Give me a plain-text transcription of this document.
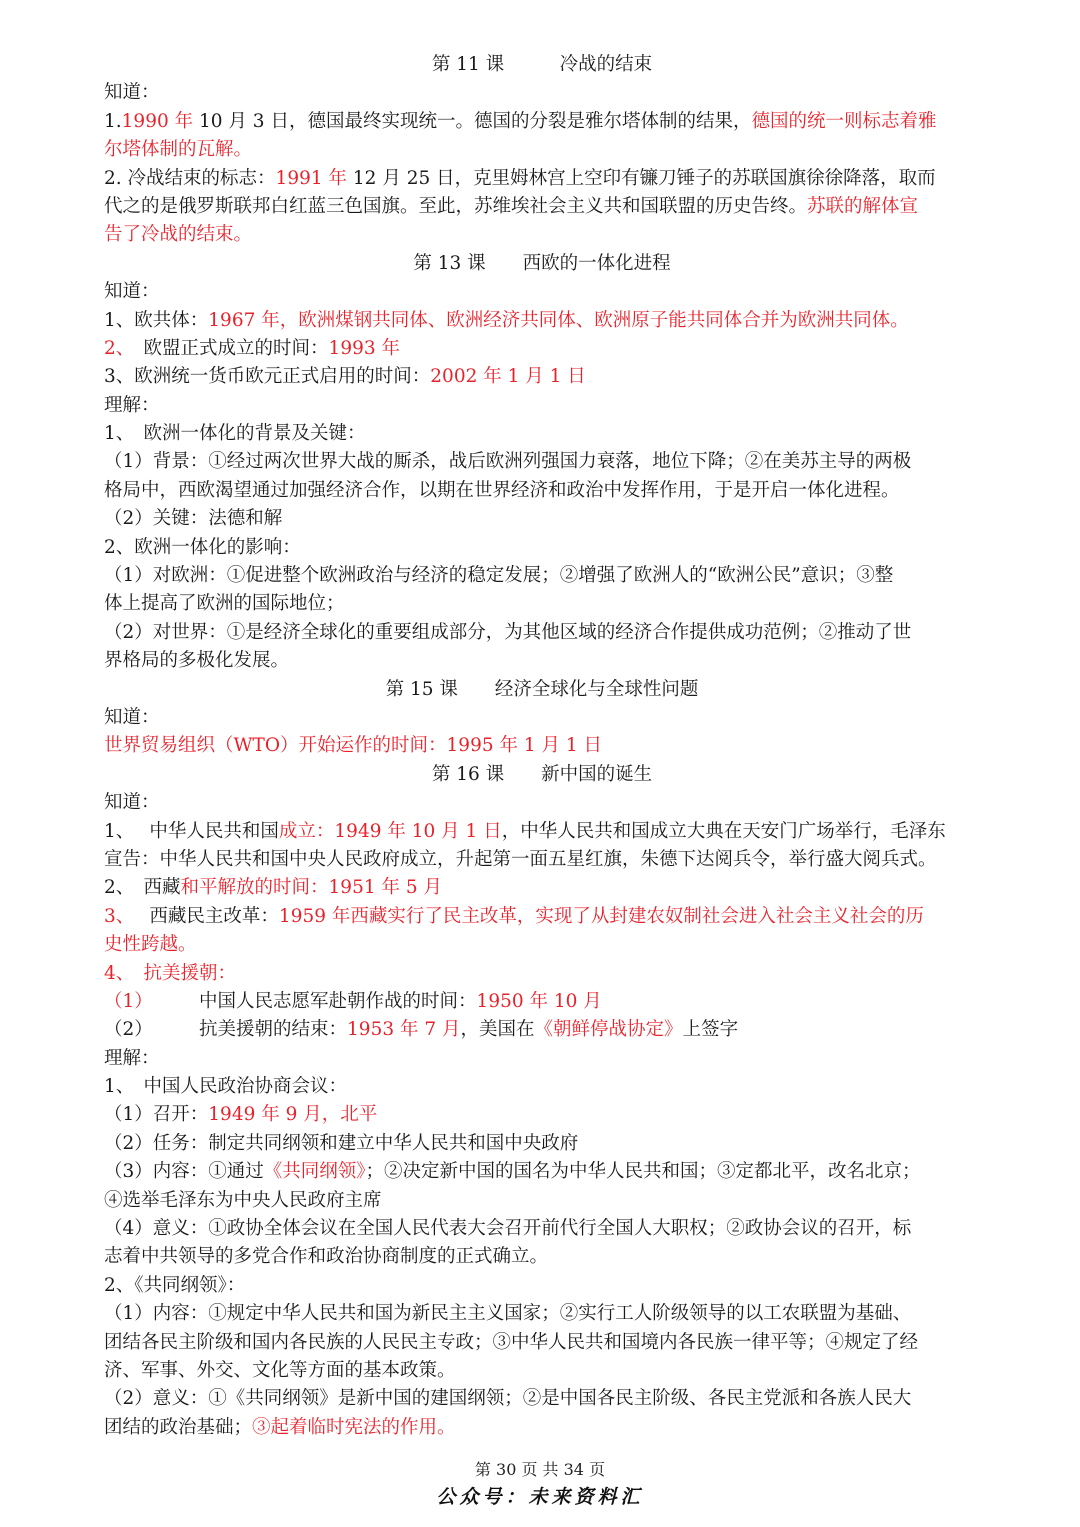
第 11 课　　　冷战的结束
知道：
1.1990 年 10 月 3 日，德国最终实现统一。德国的分裂是雅尔塔体制的结果，德国的统一则标志着雅
尔塔体制的瓦解。
2. 冷战结束的标志：1991 年 12 月 25 日，克里姆林宫上空印有镰刀锤子的苏联国旗徐徐降落，取而
代之的是俄罗斯联邦白红蓝三色国旗。至此，苏维埃社会主义共和国联盟的历史告终。苏联的解体宣
告了冷战的结束。
第 13 课　　西欧的一体化进程
知道：
1、欧共体：1967 年，欧洲煤钢共同体、欧洲经济共同体、欧洲原子能共同体合并为欧洲共同体。
2、　欧盟正式成立的时间：1993 年
3、欧洲统一货币欧元正式启用的时间：2002 年 1 月 1 日
理解：
1、　欧洲一体化的背景及关键：
（1）背景：①经过两次世界大战的厮杀，战后欧洲列强国力衰落，地位下降；②在美苏主导的两极
格局中，西欧渴望通过加强经济合作，以期在世界经济和政治中发挥作用，于是开启一体化进程。
（2）关键：法德和解
2、欧洲一体化的影响：
（1）对欧洲：①促进整个欧洲政治与经济的稳定发展；②增强了欧洲人的“欧洲公民”意识；③整
体上提高了欧洲的国际地位；
（2）对世界：①是经济全球化的重要组成部分，为其他区域的经济合作提供成功范例；②推动了世
界格局的多极化发展。
第 15 课　　经济全球化与全球性问题
知道：
世界贸易组织（WTO）开始运作的时间：1995 年 1 月 1 日
第 16 课　　新中国的诞生
知道：
1、　 中华人民共和国成立：1949 年 10 月 1 日，中华人民共和国成立大典在天安门广场举行，毛泽东
宣告：中华人民共和国中央人民政府成立，升起第一面五星红旗，朱德下达阅兵令，举行盛大阅兵式。
2、　西藏和平解放的时间：1951 年 5 月
3、　 西藏民主改革：1959 年西藏实行了民主改革，实现了从封建农奴制社会进入社会主义社会的历
史性跨越。
4、　抗美援朝：
（1）　　　中国人民志愿军赴朝作战的时间：1950 年 10 月
（2）　　　抗美援朝的结束：1953 年 7 月，美国在《朝鲜停战协定》上签字
理解：
1、　中国人民政治协商会议：
（1）召开：1949 年 9 月，北平
（2）任务：制定共同纲领和建立中华人民共和国中央政府
（3）内容：①通过《共同纲领》；②决定新中国的国名为中华人民共和国；③定都北平，改名北京；
④选举毛泽东为中央人民政府主席
（4）意义：①政协全体会议在全国人民代表大会召开前代行全国人大职权；②政协会议的召开，标
志着中共领导的多党合作和政治协商制度的正式确立。
2、《共同纲领》：
（1）内容：①规定中华人民共和国为新民主主义国家；②实行工人阶级领导的以工农联盟为基础、
团结各民主阶级和国内各民族的人民民主专政；③中华人民共和国境内各民族一律平等；④规定了经
济、军事、外交、文化等方面的基本政策。
（2）意义：①《共同纲领》是新中国的建国纲领；②是中国各民主阶级、各民主党派和各族人民大
团结的政治基础；③起着临时宪法的作用。
第 30 页 共 34 页
公众号：未来资料汇
